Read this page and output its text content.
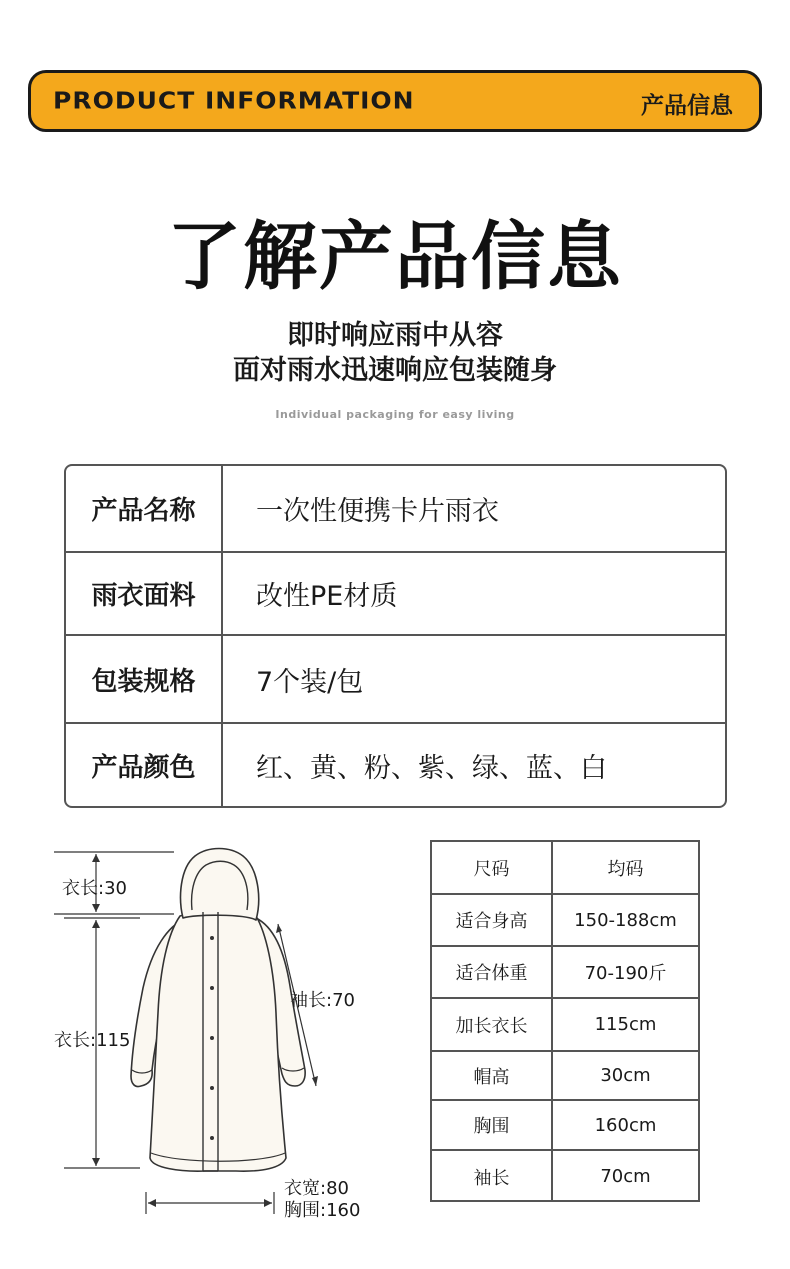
PRODUCT INFORMATION	产品信息
了解产品信息
即时响应雨中从容
面对雨水迅速响应包装随身
Individual packaging for easy living
产品名称	一次性便携卡片雨衣
雨衣面料	改性PE材质
包装规格	7个装/包
产品颜色	红、黄、粉、紫、绿、蓝、白
衣长:30
衣长:115
袖长:70
衣宽:80
胸围:160
尺码	均码
适合身高	150-188cm
适合体重	70-190斤
加长衣长	115cm
帽高	30cm
胸围	160cm
袖长	70cm
